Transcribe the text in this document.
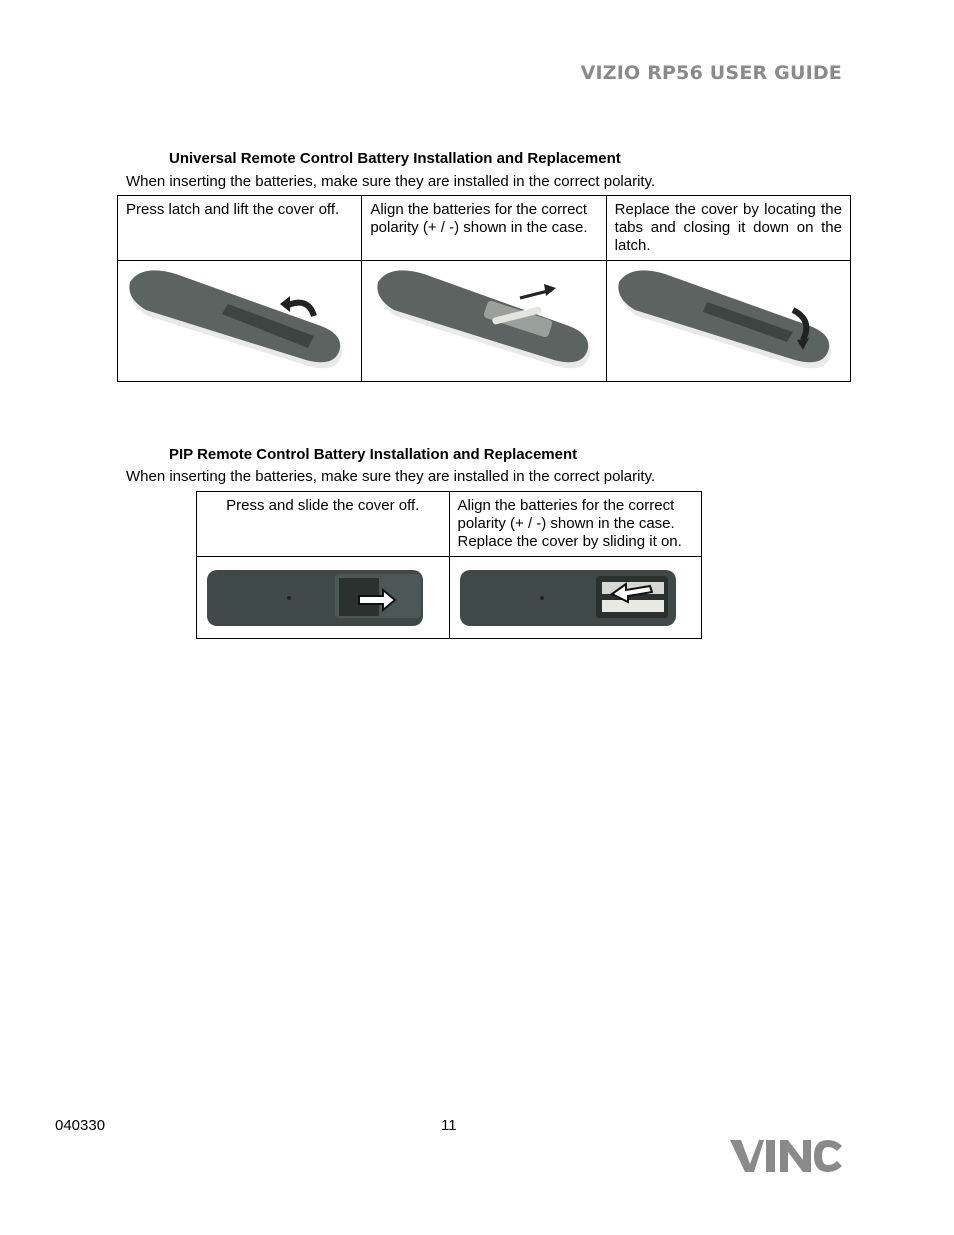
VIZIO RP56 USER GUIDE
Universal Remote Control Battery Installation and Replacement
When inserting the batteries, make sure they are installed in the correct polarity.
Press latch and lift the cover off.	Align the batteries for the correct polarity (+ / -) shown in the case.	Replace the cover by locating the tabs and closing it down on the latch.

PIP Remote Control Battery Installation and Replacement
When inserting the batteries, make sure they are installed in the correct polarity.
Press and slide the cover off.	Align the batteries for the correct polarity (+ / -) shown in the case. Replace the cover by sliding it on.

040330	11
